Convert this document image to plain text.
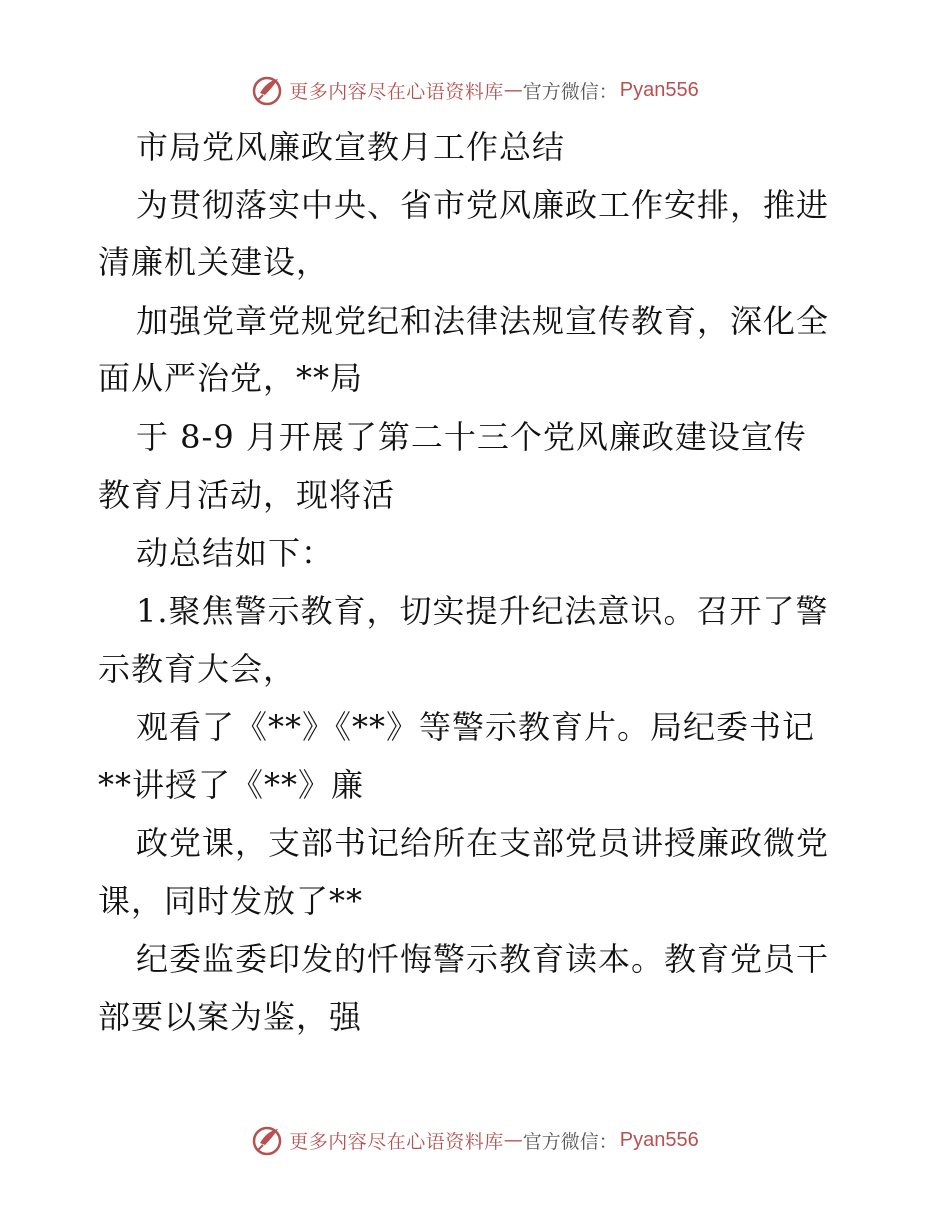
更多内容尽在心语资料库 — 官方微信： Pyan556
市局党风廉政宣教月工作总结
为贯彻落实中央、省市党风廉政工作安排，推进
清廉机关建设，
加强党章党规党纪和法律法规宣传教育，深化全
面从严治党，**局
于 8-9 月开展了第二十三个党风廉政建设宣传
教育月活动，现将活
动总结如下：
1.聚焦警示教育，切实提升纪法意识。召开了警
示教育大会，
观看了《**》《**》等警示教育片。局纪委书记
**讲授了《**》廉
政党课，支部书记给所在支部党员讲授廉政微党
课，同时发放了**
纪委监委印发的忏悔警示教育读本。教育党员干
部要以案为鉴，强
更多内容尽在心语资料库 — 官方微信： Pyan556
